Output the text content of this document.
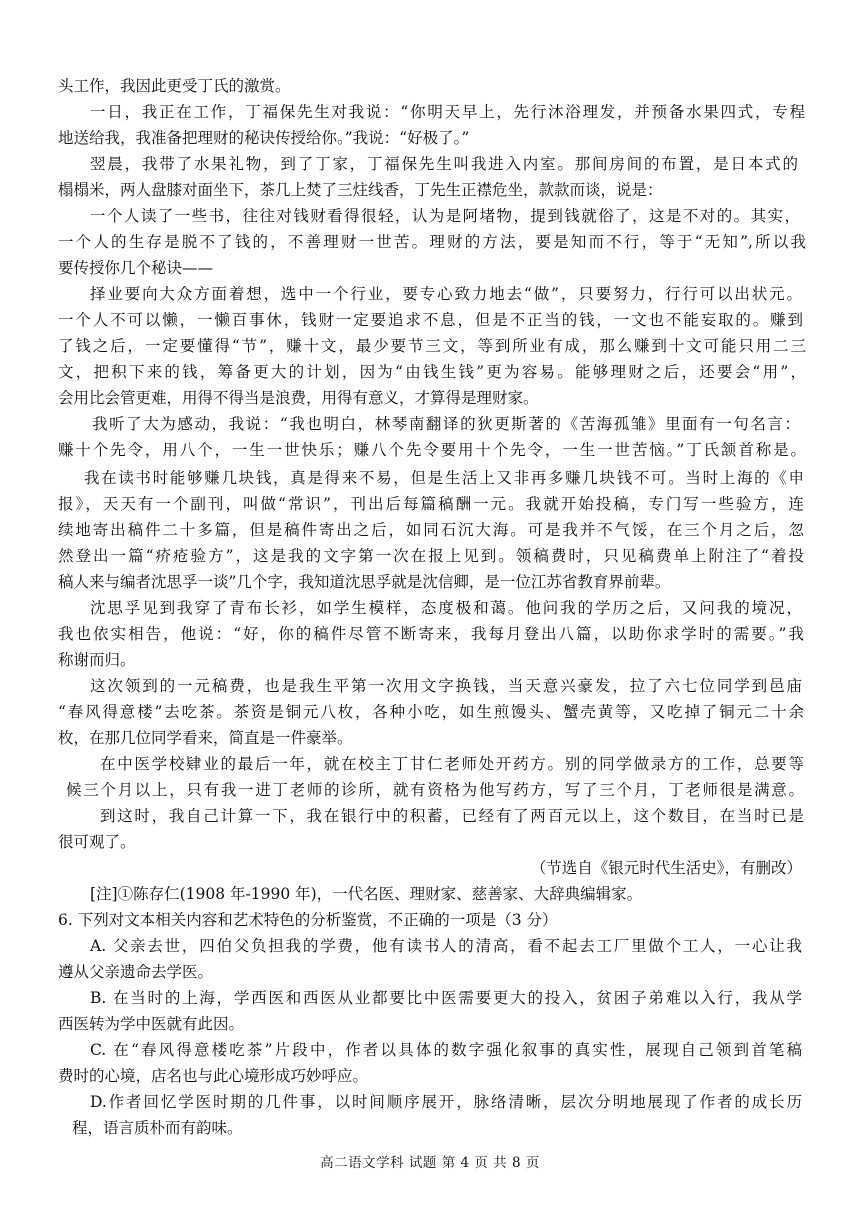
头工作，我因此更受丁氏的激赏。
一日，我正在工作，丁福保先生对我说：“你明天早上，先行沐浴理发，并预备水果四式，专程
地送给我，我准备把理财的秘诀传授给你。”我说：“好极了。”
翌晨，我带了水果礼物，到了丁家，丁福保先生叫我进入内室。那间房间的布置，是日本式的
榻榻米，两人盘膝对面坐下，茶几上焚了三炷线香，丁先生正襟危坐，款款而谈，说是：
一个人读了一些书，往往对钱财看得很轻，认为是阿堵物，提到钱就俗了，这是不对的。其实，
一个人的生存是脱不了钱的，不善理财一世苦。理财的方法，要是知而不行，等于“无知”,所以我
要传授你几个秘诀——
择业要向大众方面着想，选中一个行业，要专心致力地去“做”，只要努力，行行可以出状元。
一个人不可以懒，一懒百事休，钱财一定要追求不息，但是不正当的钱，一文也不能妄取的。赚到
了钱之后，一定要懂得“节”，赚十文，最少要节三文，等到所业有成，那么赚到十文可能只用二三
文，把积下来的钱，筹备更大的计划，因为“由钱生钱”更为容易。能够理财之后，还要会“用”，
会用比会管更难，用得不得当是浪费，用得有意义，才算得是理财家。
我听了大为感动，我说：“我也明白，林琴南翻译的狄更斯著的《苦海孤雏》里面有一句名言：
赚十个先令，用八个，一生一世快乐；赚八个先令要用十个先令，一生一世苦恼。”丁氏颔首称是。
我在读书时能够赚几块钱，真是得来不易，但是生活上又非再多赚几块钱不可。当时上海的《申
报》，天天有一个副刊，叫做“常识”，刊出后每篇稿酬一元。我就开始投稿，专门写一些验方，连
续地寄出稿件二十多篇，但是稿件寄出之后，如同石沉大海。可是我并不气馁，在三个月之后，忽
然登出一篇“疥疮验方”，这是我的文字第一次在报上见到。领稿费时，只见稿费单上附注了“着投
稿人来与编者沈思孚一谈”几个字，我知道沈思孚就是沈信卿，是一位江苏省教育界前辈。
沈思孚见到我穿了青布长衫，如学生模样，态度极和蔼。他问我的学历之后，又问我的境况，
我也依实相告，他说：“好，你的稿件尽管不断寄来，我每月登出八篇，以助你求学时的需要。”我
称谢而归。
这次领到的一元稿费，也是我生平第一次用文字换钱，当天意兴豪发，拉了六七位同学到邑庙
“春风得意楼”去吃茶。茶资是铜元八枚，各种小吃，如生煎馒头、蟹壳黄等，又吃掉了铜元二十余
枚，在那几位同学看来，简直是一件豪举。
在中医学校肄业的最后一年，就在校主丁甘仁老师处开药方。别的同学做录方的工作，总要等
候三个月以上，只有我一进丁老师的诊所，就有资格为他写药方，写了三个月，丁老师很是满意。
到这时，我自己计算一下，我在银行中的积蓄，已经有了两百元以上，这个数目，在当时已是
很可观了。
（节选自《银元时代生活史》，有删改）
[注]①陈存仁(1908 年-1990 年)，一代名医、理财家、慈善家、大辞典编辑家。
6. 下列对文本相关内容和艺术特色的分析鉴赏，不正确的一项是（3 分）
A. 父亲去世，四伯父负担我的学费，他有读书人的清高，看不起去工厂里做个工人，一心让我
遵从父亲遗命去学医。
B. 在当时的上海，学西医和西医从业都要比中医需要更大的投入，贫困子弟难以入行，我从学
西医转为学中医就有此因。
C. 在“春风得意楼吃茶”片段中，作者以具体的数字强化叙事的真实性，展现自己领到首笔稿
费时的心境，店名也与此心境形成巧妙呼应。
D.作者回忆学医时期的几件事，以时间顺序展开，脉络清晰，层次分明地展现了作者的成长历
程，语言质朴而有韵味。
高二语文学科 试题 第 4 页 共 8 页
